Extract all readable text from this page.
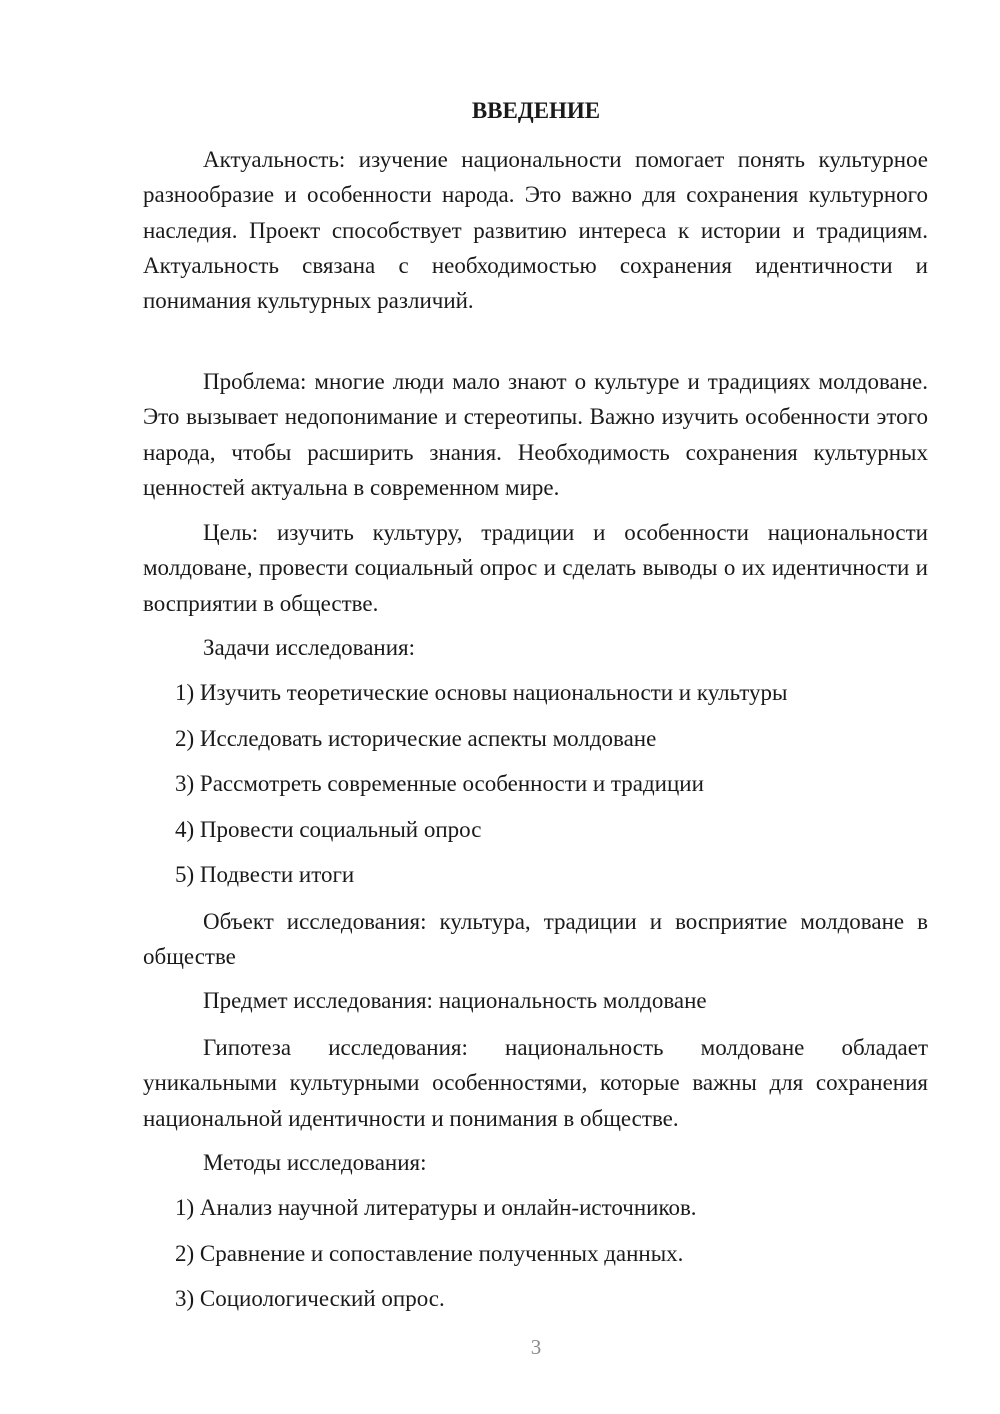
ВВЕДЕНИЕ

Актуальность: изучение национальности помогает понять культурное разнообразие и особенности народа. Это важно для сохранения культурного наследия. Проект способствует развитию интереса к истории и традициям. Актуальность связана с необходимостью сохранения идентичности и понимания культурных различий.

Проблема: многие люди мало знают о культуре и традициях молдоване. Это вызывает недопонимание и стереотипы. Важно изучить особенности этого народа, чтобы расширить знания. Необходимость сохранения культурных ценностей актуальна в современном мире.

Цель: изучить культуру, традиции и особенности национальности молдоване, провести социальный опрос и сделать выводы о их идентичности и восприятии в обществе.

Задачи исследования:

1) Изучить теоретические основы национальности и культуры

2) Исследовать исторические аспекты молдоване

3) Рассмотреть современные особенности и традиции

4) Провести социальный опрос

5) Подвести итоги

Объект исследования: культура, традиции и восприятие молдоване в обществе

Предмет исследования: национальность молдоване

Гипотеза исследования: национальность молдоване обладает уникальными культурными особенностями, которые важны для сохранения национальной идентичности и понимания в обществе.

Методы исследования:

1) Анализ научной литературы и онлайн-источников.

2) Сравнение и сопоставление полученных данных.

3) Социологический опрос.

3
